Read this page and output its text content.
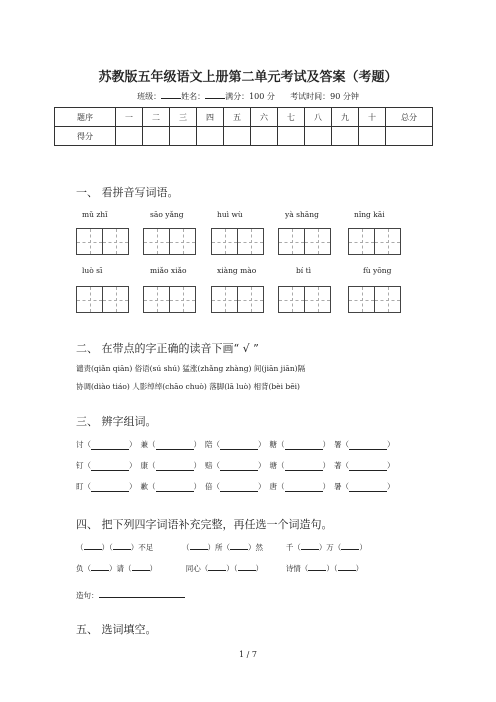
苏教版五年级语文上册第二单元考试及答案（考题）
班级：	姓名：	满分：100 分 考试时间：90 分钟
题序	一	二	三	四	五	六	七	八	九	十	总分
得分											
一、 看拼音写词语。
mǔ zhǐ	sāo yǎng	huì wù	yà shāng	nǐng kāi
luò sī	miǎo xiǎo	xiàng mào	bí tì	fù yōng
二、 在带点的字正确的读音下画“ √ ”
谴责(qiǎn qiān) 俗语(sú shú) 猛涨(zhǎng zhàng) 间(jiān jiān)隔
协调(diào tiáo) 人影绰绰(chāo chuò) 落脚(lā luò) 相背(bèi bēi)
三、 辨字组词。
讨 （	） 兼 （	） 陪 （	） 糖 （	） 署 （	）
钉 （	） 康 （	） 赔 （	） 塘 （	） 著 （	）
盯 （	） 歉 （	） 倍 （	） 唐 （	） 暑 （	）
四、 把下列四字词语补充完整，再任选一个词造句。
（ ）（ ）不足	（ ）所（ ）然	千（ ）万（ ）
负（ ）请（ ）	同心（ ）（ ）	诗情（ ）（ ）
造句：
五、 选词填空。
1 / 7
